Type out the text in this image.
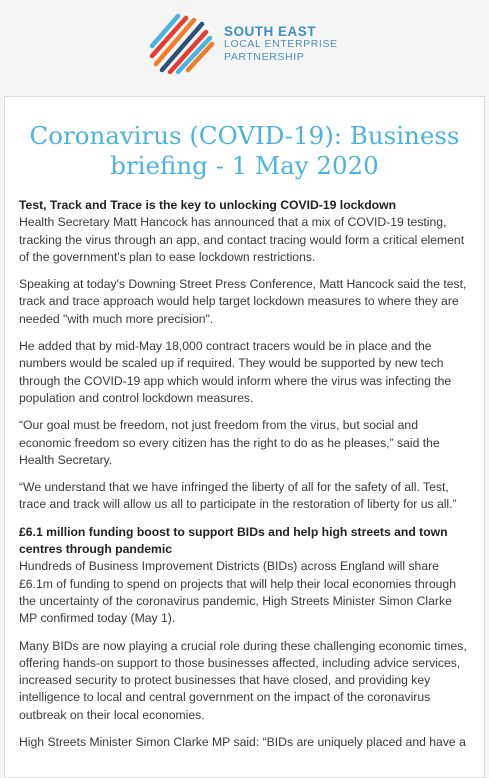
SOUTH EAST
LOCAL ENTERPRISE
PARTNERSHIP
Coronavirus (COVID-19): Business briefing - 1 May 2020

Test, Track and Trace is the key to unlocking COVID-19 lockdown
Health Secretary Matt Hancock has announced that a mix of COVID-19 testing, tracking the virus through an app, and contact tracing would form a critical element of the government's plan to ease lockdown restrictions.

Speaking at today's Downing Street Press Conference, Matt Hancock said the test, track and trace approach would help target lockdown measures to where they are needed "with much more precision".

He added that by mid-May 18,000 contract tracers would be in place and the numbers would be scaled up if required. They would be supported by new tech through the COVID-19 app which would inform where the virus was infecting the population and control lockdown measures.

“Our goal must be freedom, not just freedom from the virus, but social and economic freedom so every citizen has the right to do as he pleases,” said the Health Secretary.

“We understand that we have infringed the liberty of all for the safety of all. Test, trace and track will allow us all to participate in the restoration of liberty for us all.”

£6.1 million funding boost to support BIDs and help high streets and town centres through pandemic
Hundreds of Business Improvement Districts (BIDs) across England will share £6.1m of funding to spend on projects that will help their local economies through the uncertainty of the coronavirus pandemic, High Streets Minister Simon Clarke MP confirmed today (May 1).

Many BIDs are now playing a crucial role during these challenging economic times, offering hands-on support to those businesses affected, including advice services, increased security to protect businesses that have closed, and providing key intelligence to local and central government on the impact of the coronavirus outbreak on their local economies.

High Streets Minister Simon Clarke MP said: “BIDs are uniquely placed and have a
